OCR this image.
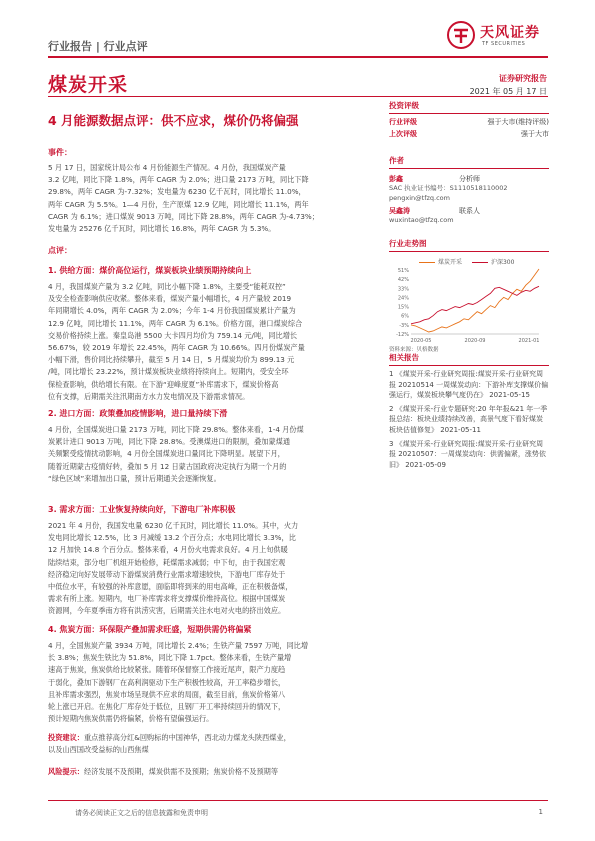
行业报告 | 行业点评
天风证券
TF SECURITIES
煤炭开采	证券研究报告
2021 年 05 月 17 日
4 月能源数据点评：供不应求，煤价仍将偏强
事件：
5 月 17 日，国家统计局公布 4 月份能源生产情况。4 月份，我国煤炭产量
3.2 亿吨，同比下降 1.8%，两年 CAGR 为 2.0%；进口量 2173 万吨，同比下降
29.8%，两年 CAGR 为-7.32%；发电量为 6230 亿千瓦时，同比增长 11.0%，
两年 CAGR 为 5.5%。1—4 月份，生产原煤 12.9 亿吨，同比增长 11.1%，两年
CAGR 为 6.1%；进口煤炭 9013 万吨，同比下降 28.8%，两年 CAGR 为-4.73%；
发电量为 25276 亿千瓦时，同比增长 16.8%，两年 CAGR 为 5.3%。
点评：
1. 供给方面：煤价高位运行，煤炭板块业绩预期持续向上
4 月，我国煤炭产量为 3.2 亿吨，同比小幅下降 1.8%，主要受“能耗双控”
及安全检查影响供应收紧。整体来看，煤炭产量小幅增长，4 月产量较 2019
年同期增长 4.0%，两年 CAGR 为 2.0%；今年 1-4 月份我国煤炭累计产量为
12.9 亿吨，同比增长 11.1%，两年 CAGR 为 6.1%。价格方面，港口煤炭综合
交易价格持续上涨。秦皇岛港 5500 大卡四月均价为 759.14 元/吨，同比增长
56.67%，较 2019 年增长 22.45%，两年 CAGR 为 10.66%。四月份煤炭产量
小幅下滑，售价同比持续攀升，截至 5 月 14 日，5 月煤炭均价为 899.13 元
/吨，同比增长 23.22%，预计煤炭板块业绩将持续向上。短期内，受安全环
保检查影响，供给增长有限。在下游“迎峰度夏”补库需求下，煤炭价格高
位有支撑，后期需关注汛期南方水力发电情况及下游需求情况。
2. 进口方面：政策叠加疫情影响，进口量持续下滑
4 月份，全国煤炭进口量 2173 万吨，同比下降 29.8%。整体来看，1-4 月份煤
炭累计进口 9013 万吨，同比下降 28.8%。受澳煤进口的限制，叠加蒙煤通
关频繁受疫情扰动影响，4 月份全国煤炭进口量同比下降明显。展望下月，
随着近期蒙古疫情好转，叠加 5 月 12 日蒙古国政府决定执行为期一个月的
“绿色区域”来增加出口量，预计后期通关会逐渐恢复。
3. 需求方面：工业恢复持续向好，下游电厂补库积极
2021 年 4 月份，我国发电量 6230 亿千瓦时，同比增长 11.0%。其中，火力
发电同比增长 12.5%，比 3 月减缓 13.2 个百分点；水电同比增长 3.3%，比
12 月加快 14.8 个百分点。整体来看，4 月份火电需求良好。4 月上旬供暖
陆续结束，部分电厂机组开始检修，耗煤需求减弱；中下旬，由于我国宏观
经济稳定向好发展带动下游煤炭消费行业需求增速较快，下游电厂库存处于
中低位水平，有较强的补库意愿，面临即将到来的用电高峰，正在积极备煤，
需求有所上涨。短期内，电厂补库需求将支撑煤价维持高位。根据中国煤炭
资源网，今年夏季南方将有洪涝灾害，后期需关注水电对火电的挤出效应。
4. 焦炭方面：环保限产叠加需求旺盛，短期供需仍将偏紧
4 月，全国焦炭产量 3934 万吨，同比增长 2.4%；生铁产量 7597 万吨，同比增
长 3.8%；焦炭生铁比为 51.8%，同比下降 1.7pct。整体来看，生铁产量增
速高于焦炭，焦炭供给比较紧张。随着环保督察工作接近尾声，限产力度趋
于弱化，叠加下游钢厂在高利润驱动下生产积极性较高，开工率稳步增长，
且补库需求强烈，焦炭市场呈现供不应求的局面，截至目前，焦炭价格第八
轮上涨已开启。在焦化厂库存处于低位，且钢厂开工率持续回升的情况下，
预计短期内焦炭供需仍将偏紧，价格有望偏强运行。
投资建议：重点推荐高分红&回购标的中国神华，西北动力煤龙头陕西煤业，
以及山西国改受益标的山西焦煤
风险提示：经济发展不及预期，煤炭供需不及预期；焦炭价格不及预期等
投资评级
行业评级	强于大市(维持评级)
上次评级	强于大市
作者
彭鑫	分析师
SAC 执业证书编号：S1110518110002
pengxin@tfzq.com
吴鑫涛	联系人
wuxintao@tfzq.com
行业走势图
煤炭开采	沪深300
51%
42%
33%
24%
15%
6%
-3%
-12%
2020-05	2020-09	2021-01
资料来源：贝格数据
相关报告
1 《煤炭开采-行业研究周报:煤炭开采-行业研究周报 20210514 一周煤炭动向：下游补库支撑煤价偏强运行，煤炭板块攀气度仍在》 2021-05-15
2 《煤炭开采-行业专题研究:20 年年报&21 年一季报总结：板块业绩持续改善，高景气度下看好煤炭板块估值修复》 2021-05-11
3 《煤炭开采-行业研究周报:煤炭开采-行业研究周报 20210507：一周煤炭动向：供需偏紧，涨势依旧》 2021-05-09
请务必阅读正文之后的信息披露和免责申明	1
